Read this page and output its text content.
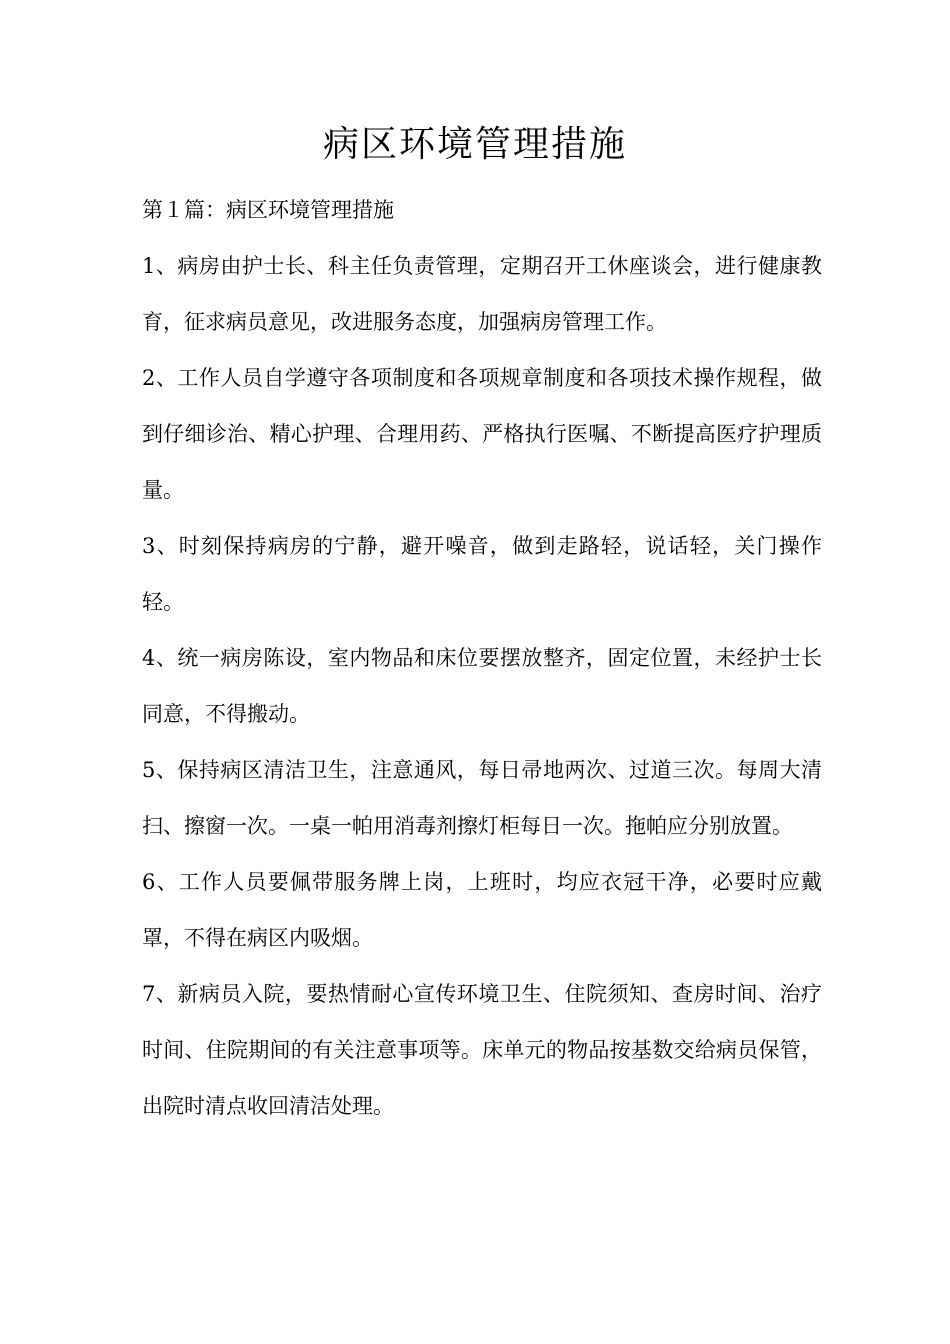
病区环境管理措施

第１篇：病区环境管理措施

1、病房由护士长、科主任负责管理，定期召开工休座谈会，进行健康教育，征求病员意见，改进服务态度，加强病房管理工作。

2、工作人员自学遵守各项制度和各项规章制度和各项技术操作规程，做到仔细诊治、精心护理、合理用药、严格执行医嘱、不断提高医疗护理质量。

3、时刻保持病房的宁静，避开噪音，做到走路轻，说话轻，关门操作轻。

4、统一病房陈设，室内物品和床位要摆放整齐，固定位置，未经护士长同意，不得搬动。

5、保持病区清洁卫生，注意通风，每日帚地两次、过道三次。每周大清扫、擦窗一次。一桌一帕用消毒剂擦灯柜每日一次。拖帕应分别放置。

6、工作人员要佩带服务牌上岗，上班时，均应衣冠干净，必要时应戴罩，不得在病区内吸烟。

7、新病员入院，要热情耐心宣传环境卫生、住院须知、查房时间、治疗时间、住院期间的有关注意事项等。床单元的物品按基数交给病员保管，出院时清点收回清洁处理。
